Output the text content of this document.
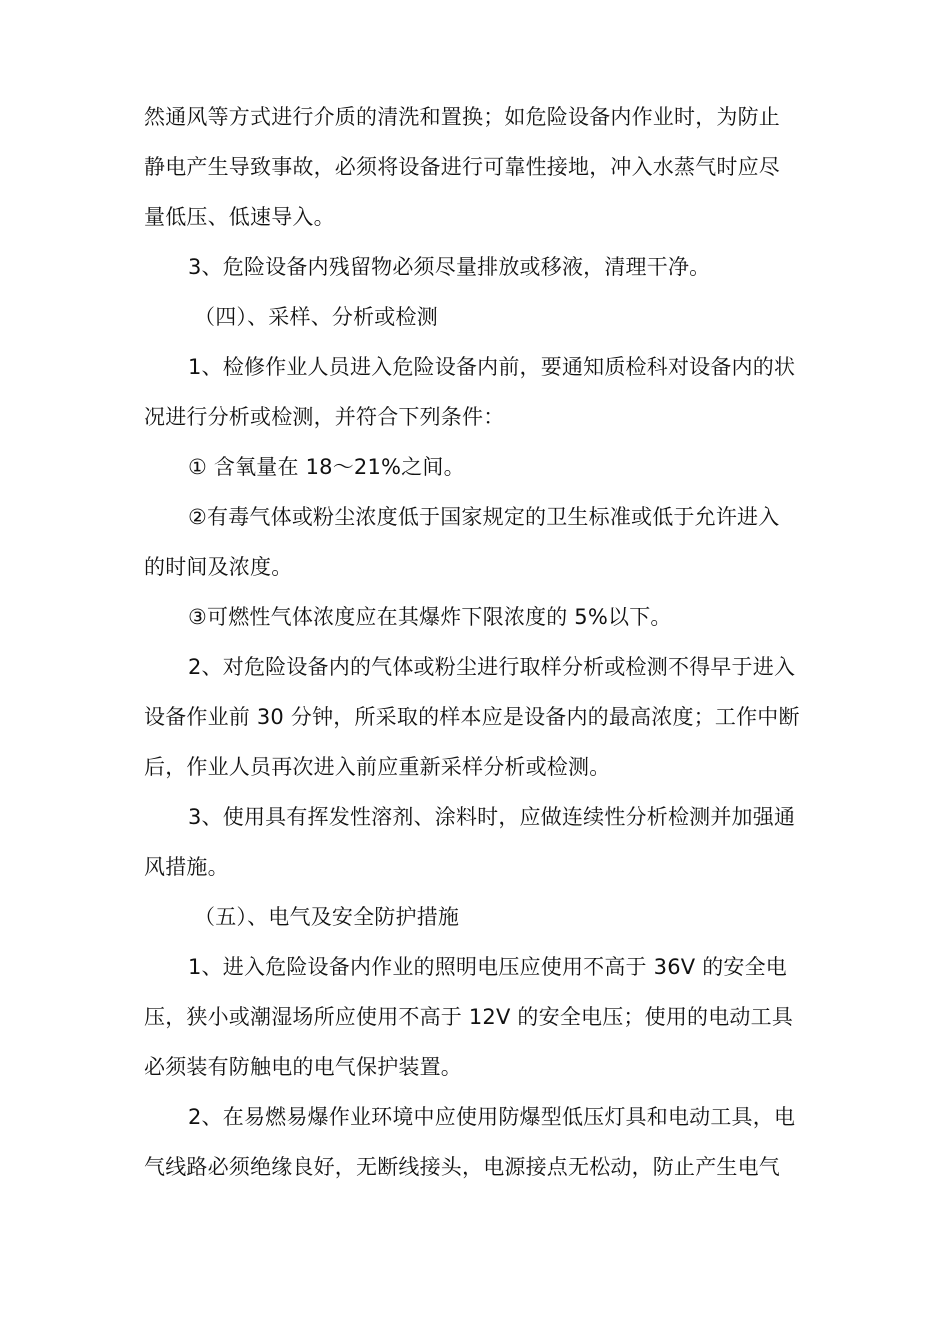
然通风等方式进行介质的清洗和置换；如危险设备内作业时，为防止
静电产生导致事故，必须将设备进行可靠性接地，冲入水蒸气时应尽
量低压、低速导入。
3、危险设备内残留物必须尽量排放或移液，清理干净。
（四）、采样、分析或检测
1、检修作业人员进入危险设备内前，要通知质检科对设备内的状
况进行分析或检测，并符合下列条件：
① 含氧量在 18～21%之间。
②有毒气体或粉尘浓度低于国家规定的卫生标准或低于允许进入
的时间及浓度。
③可燃性气体浓度应在其爆炸下限浓度的 5%以下。
2、对危险设备内的气体或粉尘进行取样分析或检测不得早于进入
设备作业前 30 分钟，所采取的样本应是设备内的最高浓度；工作中断
后，作业人员再次进入前应重新采样分析或检测。
3、使用具有挥发性溶剂、涂料时，应做连续性分析检测并加强通
风措施。
（五）、电气及安全防护措施
1、进入危险设备内作业的照明电压应使用不高于 36V 的安全电
压，狭小或潮湿场所应使用不高于 12V 的安全电压；使用的电动工具
必须装有防触电的电气保护装置。
2、在易燃易爆作业环境中应使用防爆型低压灯具和电动工具，电
气线路必须绝缘良好，无断线接头，电源接点无松动，防止产生电气
